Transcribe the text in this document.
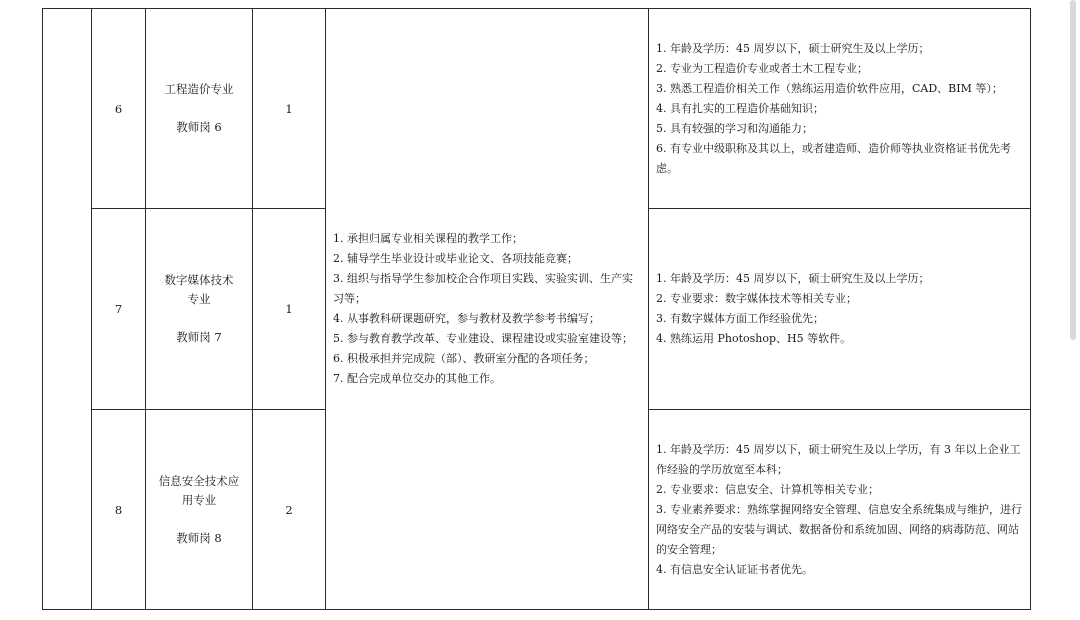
6
工程造价专业
教师岗 6
1
1. 年龄及学历：45 周岁以下，硕士研究生及以上学历；
2. 专业为工程造价专业或者土木工程专业；
3. 熟悉工程造价相关工作（熟练运用造价软件应用，CAD、BIM 等）；
4. 具有扎实的工程造价基础知识；
5. 具有较强的学习和沟通能力；
6. 有专业中级职称及其以上，或者建造师、造价师等执业资格证书优先考虑。
7
数字媒体技术
专业
教师岗 7
1
1. 年龄及学历：45 周岁以下，硕士研究生及以上学历；
2. 专业要求：数字媒体技术等相关专业；
3. 有数字媒体方面工作经验优先；
4. 熟练运用 Photoshop、H5 等软件。
8
信息安全技术应
用专业
教师岗 8
2
1. 年龄及学历：45 周岁以下，硕士研究生及以上学历，有 3 年以上企业工作经验的学历放宽至本科；
2. 专业要求：信息安全、计算机等相关专业；
3. 专业素养要求：熟练掌握网络安全管理、信息安全系统集成与维护，进行网络安全产品的安装与调试、数据备份和系统加固、网络的病毒防范、网站的安全管理；
4. 有信息安全认证证书者优先。
1. 承担归属专业相关课程的教学工作；
2. 辅导学生毕业设计或毕业论文、各项技能竞赛；
3. 组织与指导学生参加校企合作项目实践、实验实训、生产实习等；
4. 从事教科研课题研究，参与教材及教学参考书编写；
5. 参与教育教学改革、专业建设、课程建设或实验室建设等；
6. 积极承担并完成院（部）、教研室分配的各项任务；
7. 配合完成单位交办的其他工作。
